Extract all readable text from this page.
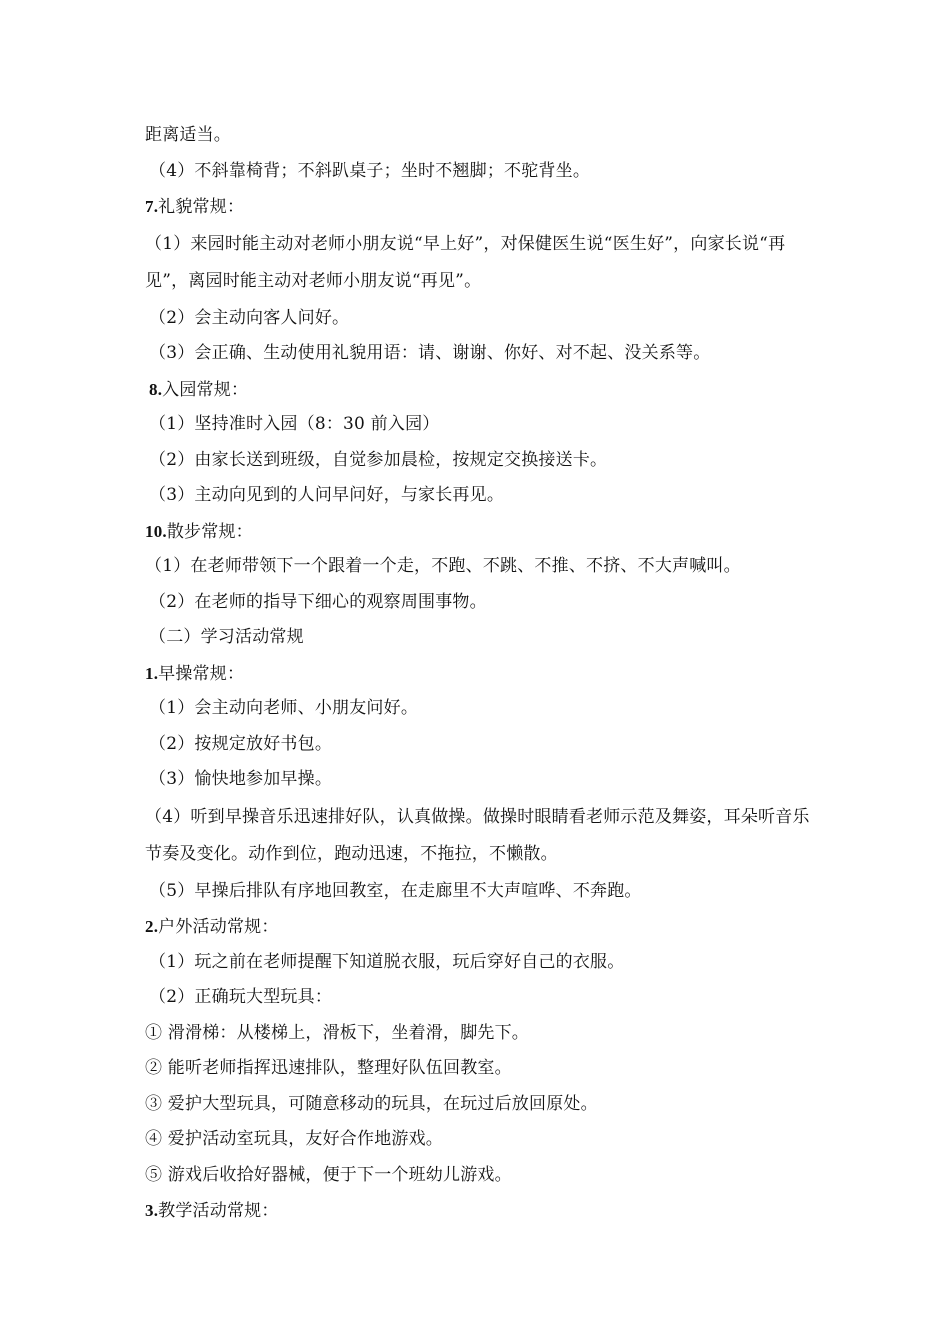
距离适当。
（4）不斜靠椅背；不斜趴桌子；坐时不翘脚；不驼背坐。
7.礼貌常规：
（1）来园时能主动对老师小朋友说“早上好”，对保健医生说“医生好”，向家长说“再见”，离园时能主动对老师小朋友说“再见”。
（2）会主动向客人问好。
（3）会正确、生动使用礼貌用语：请、谢谢、你好、对不起、没关系等。
8.入园常规：
（1）坚持准时入园（8：30 前入园）
（2）由家长送到班级，自觉参加晨检，按规定交换接送卡。
（3）主动向见到的人问早问好，与家长再见。
10.散步常规：
（1）在老师带领下一个跟着一个走，不跑、不跳、不推、不挤、不大声喊叫。
（2）在老师的指导下细心的观察周围事物。
（二）学习活动常规
1.早操常规：
（1）会主动向老师、小朋友问好。
（2）按规定放好书包。
（3）愉快地参加早操。
（4）听到早操音乐迅速排好队，认真做操。做操时眼睛看老师示范及舞姿，耳朵听音乐节奏及变化。动作到位，跑动迅速，不拖拉，不懒散。
（5）早操后排队有序地回教室，在走廊里不大声喧哗、不奔跑。
2.户外活动常规：
（1）玩之前在老师提醒下知道脱衣服，玩后穿好自己的衣服。
（2）正确玩大型玩具：
① 滑滑梯：从楼梯上，滑板下，坐着滑，脚先下。
② 能听老师指挥迅速排队，整理好队伍回教室。
③ 爱护大型玩具，可随意移动的玩具，在玩过后放回原处。
④ 爱护活动室玩具，友好合作地游戏。
⑤ 游戏后收拾好器械，便于下一个班幼儿游戏。
3.教学活动常规：
